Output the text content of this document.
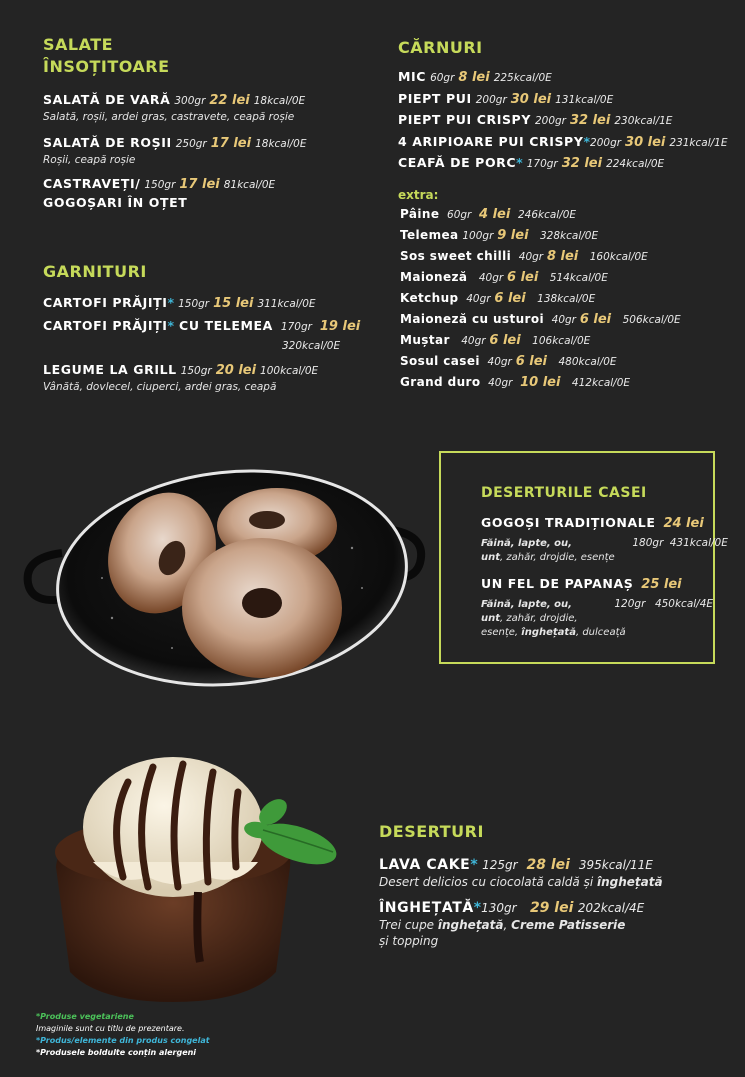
SALATE
ÎNSOȚITOARE
SALATĂ DE VARĂ 300gr 22 lei 18kcal/0E
Salată, roșii, ardei gras, castravete, ceapă roșie
SALATĂ DE ROȘII 250gr 17 lei 18kcal/0E
Roșii, ceapă roșie
CASTRAVEȚI/ 150gr 17 lei 81kcal/0E
GOGOȘARI ÎN OȚET
GARNITURI
CARTOFI PRĂJIȚI* 150gr 15 lei 311kcal/0E
CARTOFI PRĂJIȚI* CU TELEMEA 170gr 19 lei
320kcal/0E
LEGUME LA GRILL 150gr 20 lei 100kcal/0E
Vânătă, dovlecel, ciuperci, ardei gras, ceapă
CĂRNURI
MIC 60gr 8 lei 225kcal/0E
PIEPT PUI 200gr 30 lei 131kcal/0E
PIEPT PUI CRISPY 200gr 32 lei 230kcal/1E
4 ARIPIOARE PUI CRISPY*200gr 30 lei 231kcal/1E
CEAFĂ DE PORC* 170gr 32 lei 224kcal/0E
extra:
Pâine 60gr 4 lei 246kcal/0E
Telemea 100gr 9 lei 328kcal/0E
Sos sweet chilli 40gr 8 lei 160kcal/0E
Maioneză 40gr 6 lei 514kcal/0E
Ketchup 40gr 6 lei 138kcal/0E
Maioneză cu usturoi 40gr 6 lei 506kcal/0E
Muștar 40gr 6 lei 106kcal/0E
Sosul casei 40gr 6 lei 480kcal/0E
Grand duro 40gr 10 lei 412kcal/0E
DESERTURILE CASEI
GOGOȘI TRADIȚIONALE 24 lei
Făină, lapte, ou,	180gr 431kcal/0E
unt, zahăr, drojdie, esențe
UN FEL DE PAPANAȘ 25 lei
Făină, lapte, ou,	120gr 450kcal/4E
unt, zahăr, drojdie,
esențe, înghețată, dulceață
DESERTURI
LAVA CAKE* 125gr 28 lei 395kcal/11E
Desert delicios cu ciocolată caldă și înghețată
ÎNGHEȚATĂ*130gr 29 lei 202kcal/4E
Trei cupe înghețată, Creme Patisserie
și topping
*Produse vegetariene
Imaginile sunt cu titlu de prezentare.
*Produs/elemente din produs congelat
*Produsele boldulte conțin alergeni
